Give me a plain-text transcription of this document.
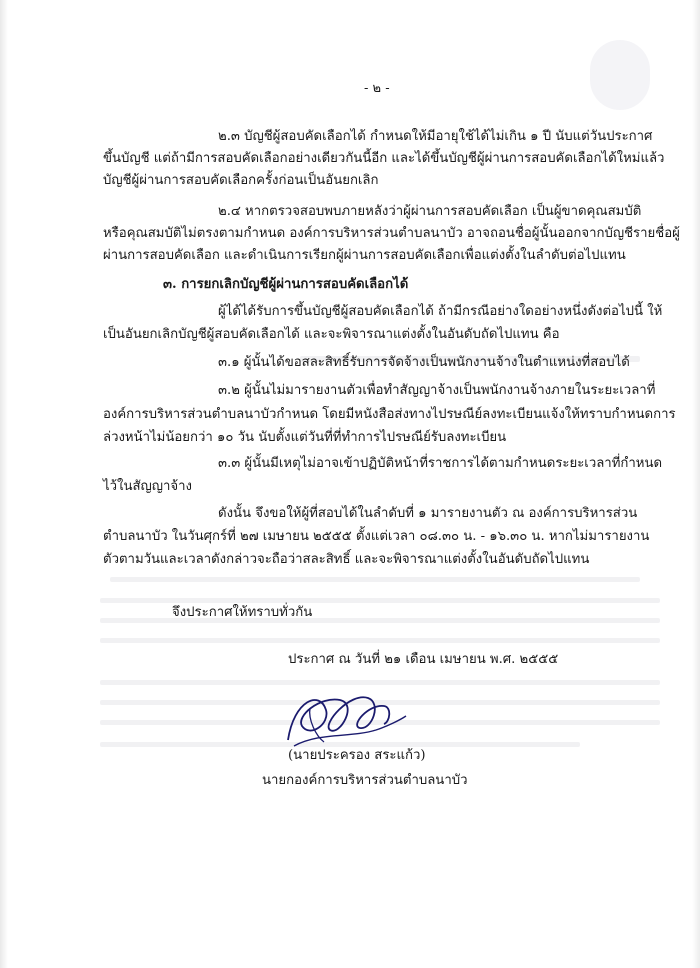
- ๒ -
๒.๓ บัญชีผู้สอบคัดเลือกได้ กำหนดให้มีอายุใช้ได้ไม่เกิน ๑ ปี นับแต่วันประกาศ
ขึ้นบัญชี แต่ถ้ามีการสอบคัดเลือกอย่างเดียวกันนี้อีก และได้ขึ้นบัญชีผู้ผ่านการสอบคัดเลือกได้ใหม่แล้ว
บัญชีผู้ผ่านการสอบคัดเลือกครั้งก่อนเป็นอันยกเลิก
๒.๔ หากตรวจสอบพบภายหลังว่าผู้ผ่านการสอบคัดเลือก เป็นผู้ขาดคุณสมบัติ
หรือคุณสมบัติไม่ตรงตามกำหนด องค์การบริหารส่วนตำบลนาบัว อาจถอนชื่อผู้นั้นออกจากบัญชีรายชื่อผู้
ผ่านการสอบคัดเลือก และดำเนินการเรียกผู้ผ่านการสอบคัดเลือกเพื่อแต่งตั้งในลำดับต่อไปแทน
๓. การยกเลิกบัญชีผู้ผ่านการสอบคัดเลือกได้
ผู้ได้ได้รับการขึ้นบัญชีผู้สอบคัดเลือกได้ ถ้ามีกรณีอย่างใดอย่างหนึ่งดังต่อไปนี้ ให้
เป็นอันยกเลิกบัญชีผู้สอบคัดเลือกได้ และจะพิจารณาแต่งตั้งในอันดับถัดไปแทน คือ
๓.๑ ผู้นั้นได้ขอสละสิทธิ์รับการจัดจ้างเป็นพนักงานจ้างในตำแหน่งที่สอบได้
๓.๒ ผู้นั้นไม่มารายงานตัวเพื่อทำสัญญาจ้างเป็นพนักงานจ้างภายในระยะเวลาที่
องค์การบริหารส่วนตำบลนาบัวกำหนด โดยมีหนังสือส่งทางไปรษณีย์ลงทะเบียนแจ้งให้ทราบกำหนดการ
ล่วงหน้าไม่น้อยกว่า ๑๐ วัน นับตั้งแต่วันที่ที่ทำการไปรษณีย์รับลงทะเบียน
๓.๓ ผู้นั้นมีเหตุไม่อาจเข้าปฏิบัติหน้าที่ราชการได้ตามกำหนดระยะเวลาที่กำหนด
ไว้ในสัญญาจ้าง
ดังนั้น จึงขอให้ผู้ที่สอบได้ในลำดับที่ ๑ มารายงานตัว ณ องค์การบริหารส่วน
ตำบลนาบัว ในวันศุกร์ที่ ๒๗ เมษายน ๒๕๕๕ ตั้งแต่เวลา ๐๘.๓๐ น. - ๑๖.๓๐ น. หากไม่มารายงาน
ตัวตามวันและเวลาดังกล่าวจะถือว่าสละสิทธิ์ และจะพิจารณาแต่งตั้งในอันดับถัดไปแทน
จึงประกาศให้ทราบทั่วกัน
ประกาศ ณ วันที่ ๒๑ เดือน เมษายน พ.ศ. ๒๕๕๕
(นายประครอง สระแก้ว)
นายกองค์การบริหารส่วนตำบลนาบัว
